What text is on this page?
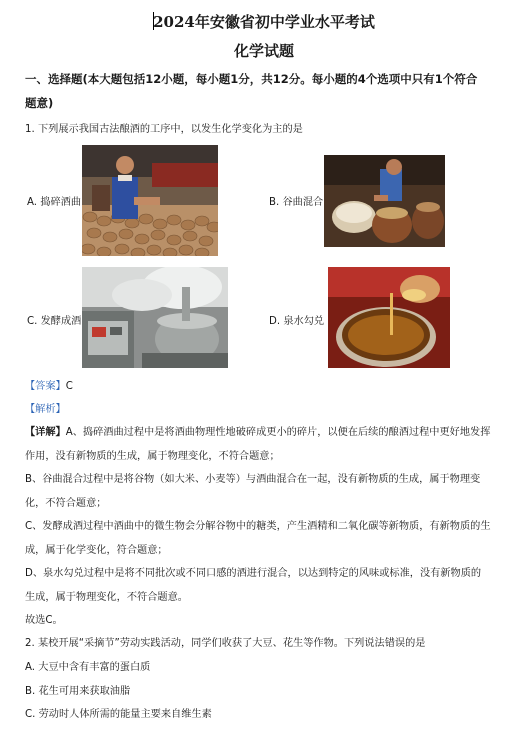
2024年安徽省初中学业水平考试
化学试题
一、选择题(本大题包括12小题，每小题1分，共12分。每小题的4个选项中只有1个符合
题意)
1. 下列展示我国古法酿酒的工序中，以发生化学变化为主的是
A. 捣碎酒曲	B. 谷曲混合
C. 发酵成酒	D. 泉水勾兑
【答案】C
【解析】
【详解】A、捣碎酒曲过程中是将酒曲物理性地破碎成更小的碎片，以便在后续的酿酒过程中更好地发挥
作用，没有新物质的生成，属于物理变化，不符合题意；
B、谷曲混合过程中是将谷物（如大米、小麦等）与酒曲混合在一起，没有新物质的生成，属于物理变
化，不符合题意；
C、发酵成酒过程中酒曲中的微生物会分解谷物中的糖类，产生酒精和二氧化碳等新物质，有新物质的生
成，属于化学变化，符合题意；
D、泉水勾兑过程中是将不同批次或不同口感的酒进行混合，以达到特定的风味或标准，没有新物质的
生成，属于物理变化，不符合题意。
故选C。
2. 某校开展“采摘节”劳动实践活动，同学们收获了大豆、花生等作物。下列说法错误的是
A. 大豆中含有丰富的蛋白质
B. 花生可用来获取油脂
C. 劳动时人体所需的能量主要来自维生素
